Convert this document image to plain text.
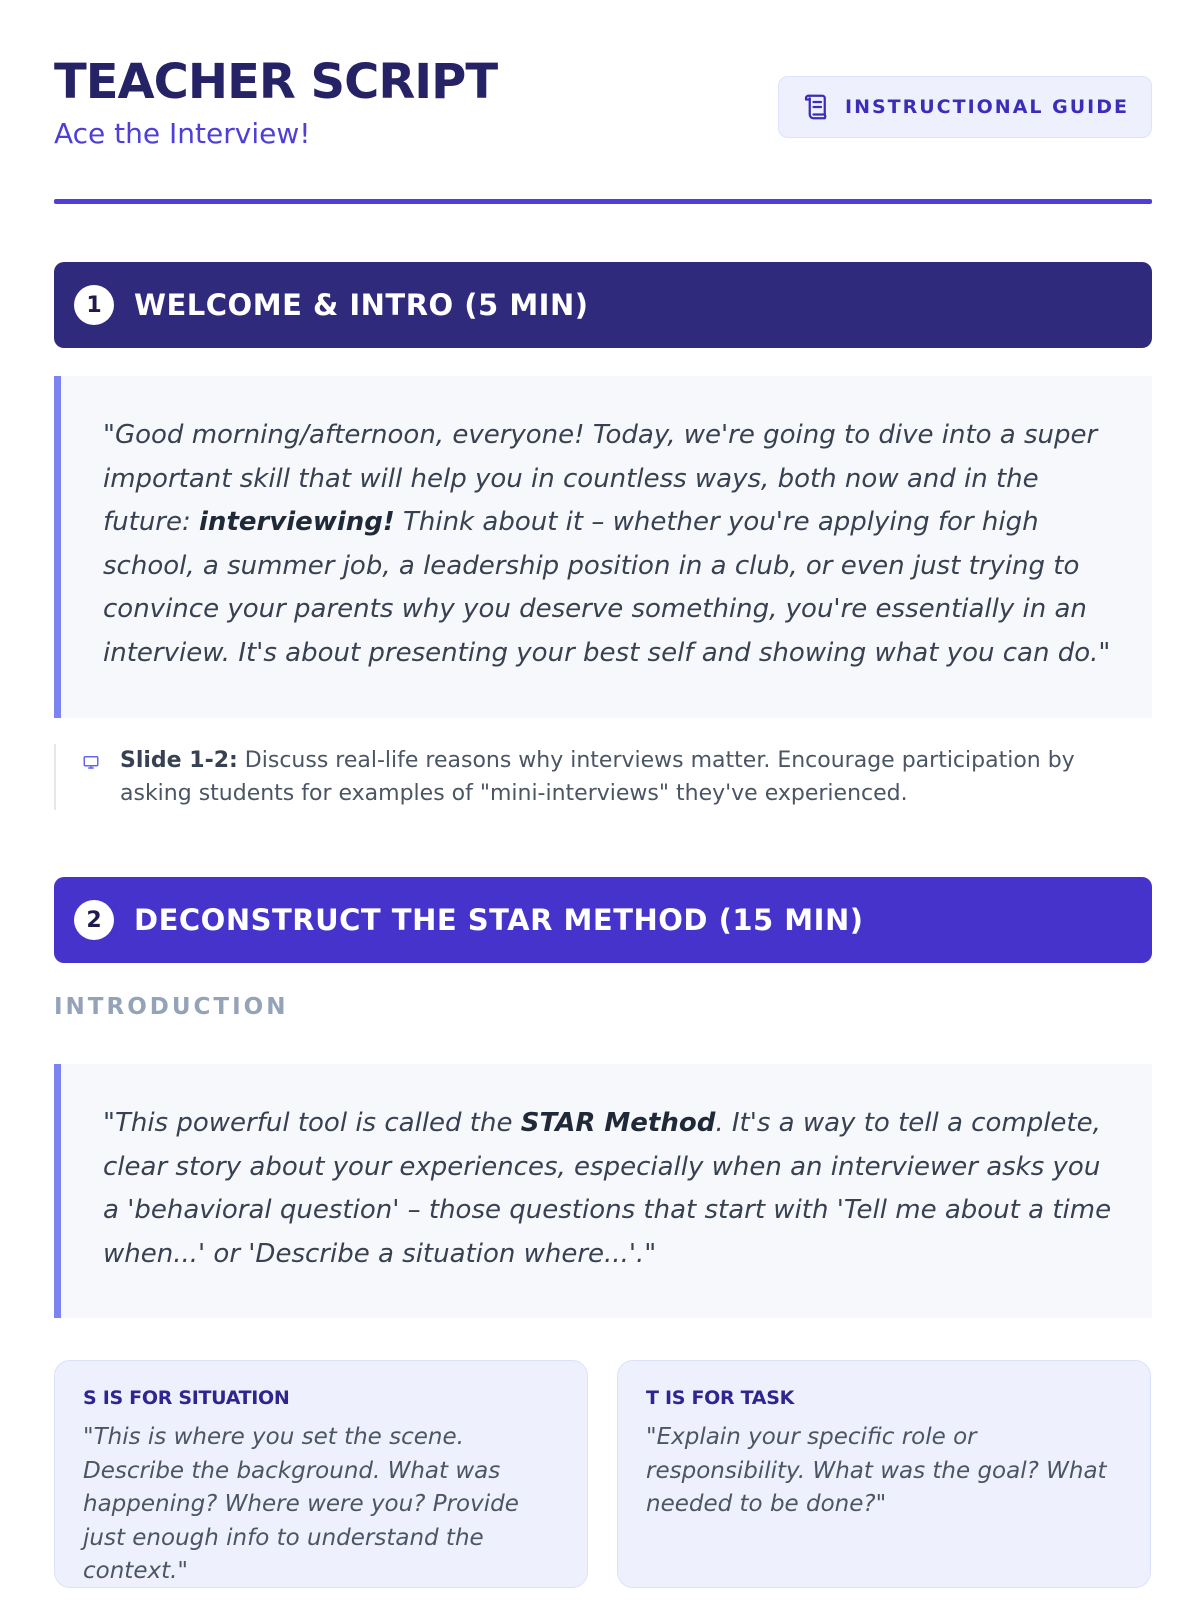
TEACHER SCRIPT
Ace the Interview!
INSTRUCTIONAL GUIDE
1	WELCOME & INTRO (5 MIN)
"Good morning/afternoon, everyone! Today, we're going to dive into a super important skill that will help you in countless ways, both now and in the future: interviewing! Think about it – whether you're applying for high school, a summer job, a leadership position in a club, or even just trying to convince your parents why you deserve something, you're essentially in an interview. It's about presenting your best self and showing what you can do."
Slide 1-2: Discuss real-life reasons why interviews matter. Encourage participation by asking students for examples of "mini-interviews" they've experienced.
2	DECONSTRUCT THE STAR METHOD (15 MIN)
INTRODUCTION
"This powerful tool is called the STAR Method. It's a way to tell a complete, clear story about your experiences, especially when an interviewer asks you a 'behavioral question' – those questions that start with 'Tell me about a time when...' or 'Describe a situation where...'."
S IS FOR SITUATION
"This is where you set the scene. Describe the background. What was happening? Where were you? Provide just enough info to understand the context."
T IS FOR TASK
"Explain your specific role or responsibility. What was the goal? What needed to be done?"
